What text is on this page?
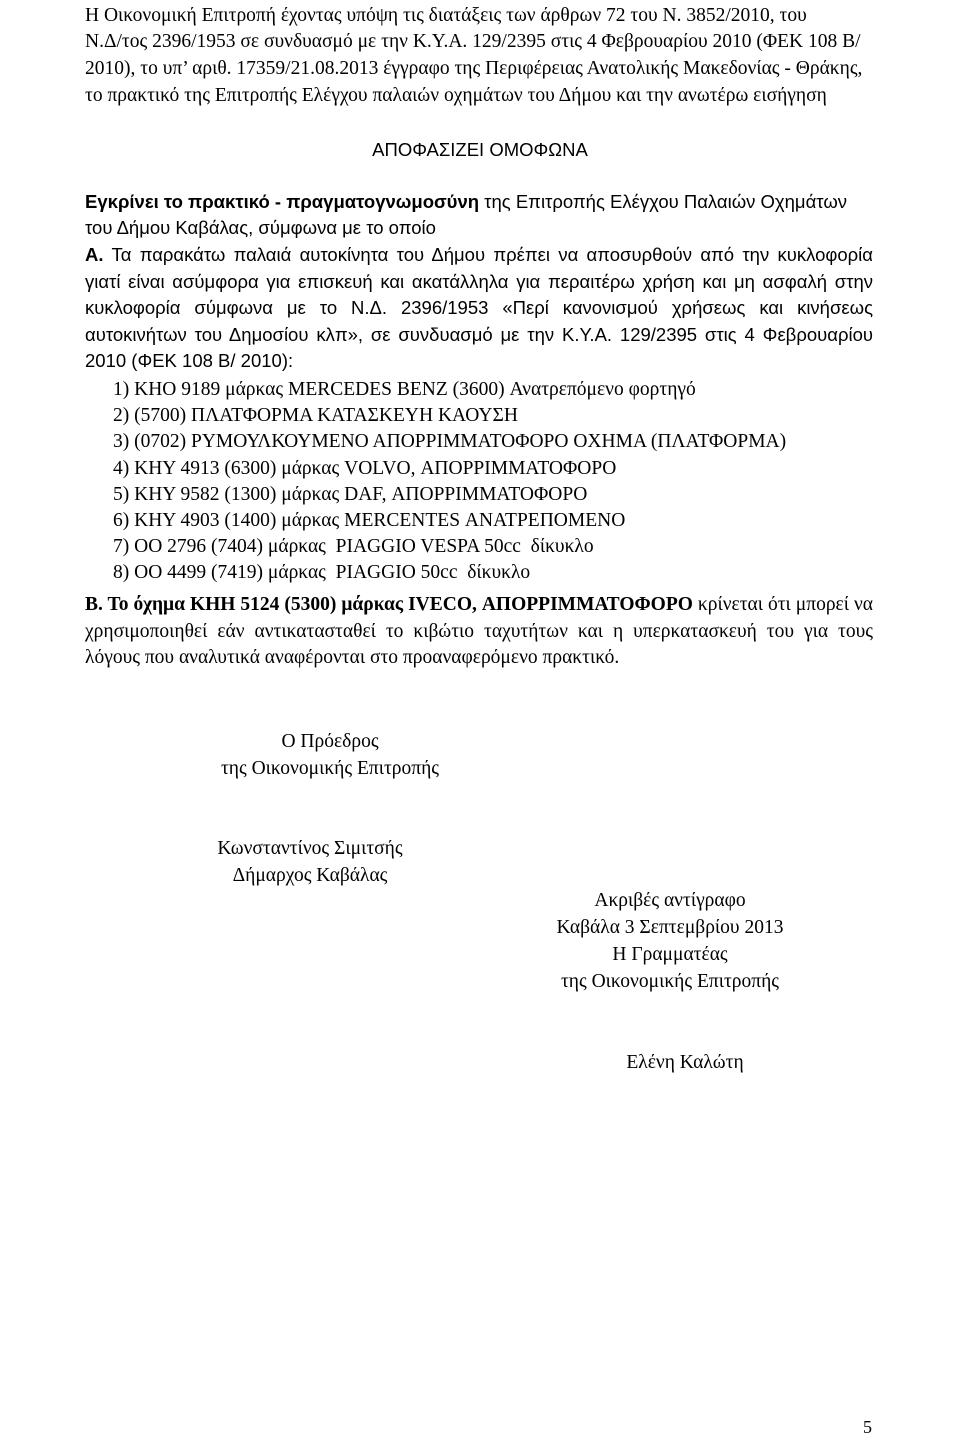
Η Οικονομική Επιτροπή έχοντας υπόψη τις διατάξεις των άρθρων 72 του Ν. 3852/2010, του

Ν.Δ/τος 2396/1953 σε συνδυασμό με την Κ.Υ.Α. 129/2395 στις 4 Φεβρουαρίου 2010 (ΦΕΚ 108 Β/

2010), το υπ’ αριθ. 17359/21.08.2013 έγγραφο της Περιφέρειας Ανατολικής Μακεδονίας - Θράκης,

το πρακτικό της Επιτροπής Ελέγχου παλαιών οχημάτων του Δήμου και την ανωτέρω εισήγηση

ΑΠΟΦΑΣΙΖΕΙ ΟΜΟΦΩΝΑ
Εγκρίνει το πρακτικό - πραγματογνωμοσύνη της Επιτροπής Ελέγχου Παλαιών Οχημάτων
του Δήμου Καβάλας, σύμφωνα με το οποίο

Α. Τα παρακάτω παλαιά αυτοκίνητα του Δήμου πρέπει να αποσυρθούν από την κυκλοφορία γιατί είναι ασύμφορα για επισκευή και ακατάλληλα για περαιτέρω χρήση και μη ασφαλή στην κυκλοφορία σύμφωνα με το Ν.Δ. 2396/1953 «Περί κανονισμού χρήσεως και κινήσεως αυτοκινήτων του Δημοσίου κλπ», σε συνδυασμό με την Κ.Υ.Α. 129/2395 στις 4 Φεβρουαρίου 2010 (ΦΕΚ 108 Β/ 2010):

1) ΚΗΟ 9189 μάρκας MERCEDES BENZ (3600) Ανατρεπόμενο φορτηγό
2) (5700) ΠΛΑΤΦΟΡΜΑ ΚΑΤΑΣΚΕΥΗ ΚΑΟΥΣΗ
3) (0702) ΡΥΜΟΥΛΚΟΥΜΕΝΟ ΑΠΟΡΡΙΜΜΑΤΟΦΟΡΟ ΟΧΗΜΑ (ΠΛΑΤΦΟΡΜΑ)
4) ΚΗΥ 4913 (6300) μάρκας VOLVO, ΑΠΟΡΡΙΜΜΑΤΟΦΟΡΟ
5) ΚΗΥ 9582 (1300) μάρκας DAF, ΑΠΟΡΡΙΜΜΑΤΟΦΟΡΟ
6) ΚΗΥ 4903 (1400) μάρκας MERCENTES ΑΝΑΤΡΕΠΟΜΕΝΟ
7) ΟΟ 2796 (7404) μάρκας  PIAGGIO VESPA 50cc  δίκυκλο
8) ΟΟ 4499 (7419) μάρκας  PIAGGIO 50cc  δίκυκλο

Β. Το όχημα ΚΗΗ 5124 (5300) μάρκας IVECO, ΑΠΟΡΡΙΜΜΑΤΟΦΟΡΟ κρίνεται ότι μπορεί να χρησιμοποιηθεί εάν αντικατασταθεί το κιβώτιο ταχυτήτων και η υπερκατασκευή του για τους λόγους που αναλυτικά αναφέρονται στο προαναφερόμενο πρακτικό.

Ο Πρόεδρος
της Οικονομικής Επιτροπής
Κωνσταντίνος Σιμιτσής
Δήμαρχος Καβάλας
Ακριβές αντίγραφο
Καβάλα 3 Σεπτεμβρίου 2013
Η Γραμματέας
της Οικονομικής Επιτροπής
Ελένη Καλώτη
5
